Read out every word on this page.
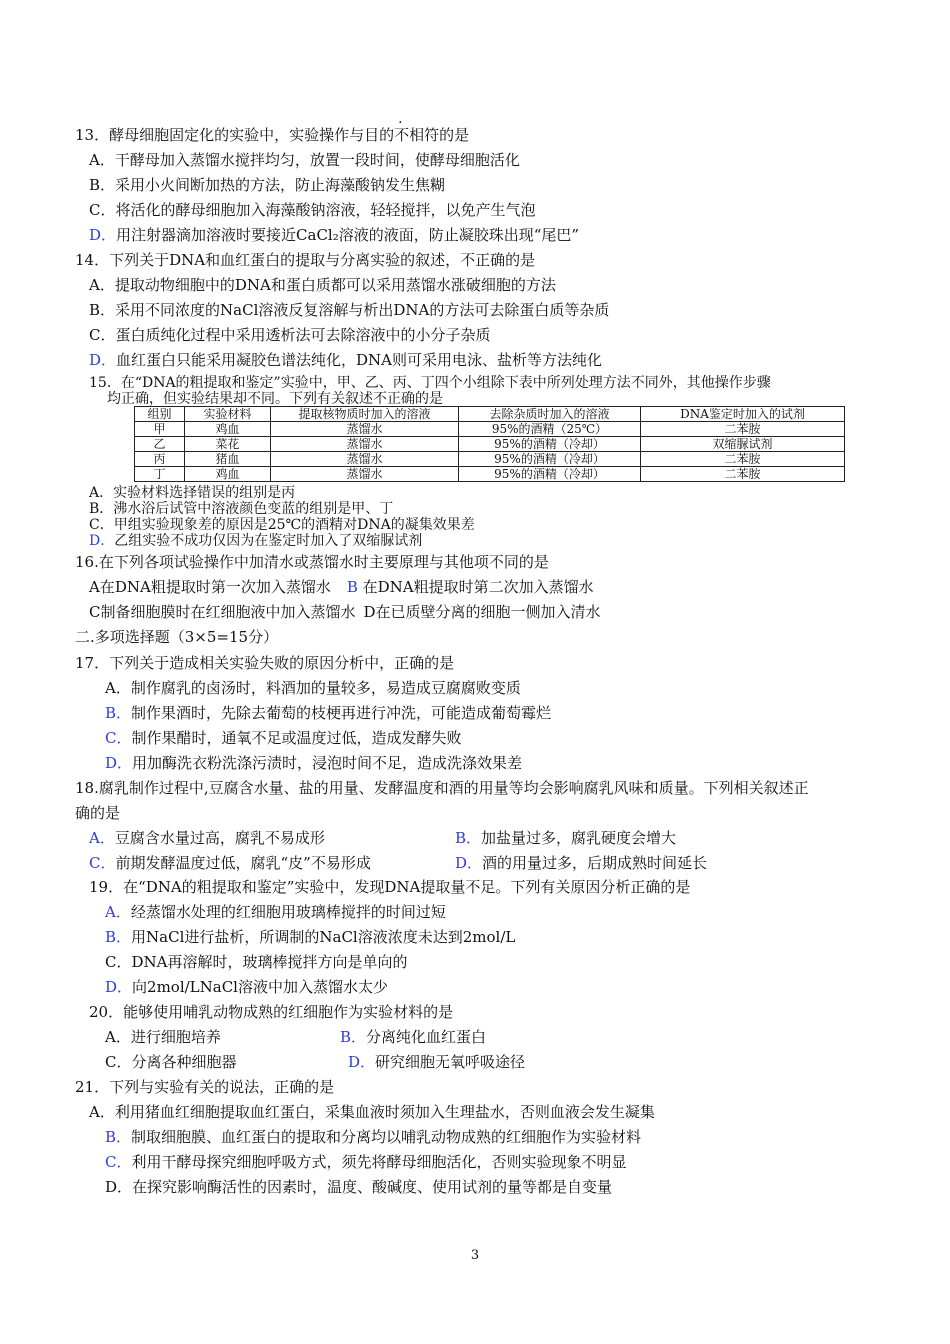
13．酵母细胞固定化的实验中，实验操作与目的不相符的是
A．干酵母加入蒸馏水搅拌均匀，放置一段时间，使酵母细胞活化
B．采用小火间断加热的方法，防止海藻酸钠发生焦糊
C．将活化的酵母细胞加入海藻酸钠溶液，轻轻搅拌，以免产生气泡
D．用注射器滴加溶液时要接近CaCl₂溶液的液面，防止凝胶珠出现“尾巴”
14．下列关于DNA和血红蛋白的提取与分离实验的叙述，不正确的是
A．提取动物细胞中的DNA和蛋白质都可以采用蒸馏水涨破细胞的方法
B．采用不同浓度的NaCl溶液反复溶解与析出DNA的方法可去除蛋白质等杂质
C．蛋白质纯化过程中采用透析法可去除溶液中的小分子杂质
D．血红蛋白只能采用凝胶色谱法纯化，DNA则可采用电泳、盐析等方法纯化
15．在“DNA的粗提取和鉴定”实验中，甲、乙、丙、丁四个小组除下表中所列处理方法不同外，其他操作步骤
均正确，但实验结果却不同。下列有关叙述不正确的是
组别	实验材料	提取核物质时加入的溶液	去除杂质时加入的溶液	DNA鉴定时加入的试剂
甲	鸡血	蒸馏水	95%的酒精（25℃）	二苯胺
乙	菜花	蒸馏水	95%的酒精（冷却）	双缩脲试剂
丙	猪血	蒸馏水	95%的酒精（冷却）	二苯胺
丁	鸡血	蒸馏水	95%的酒精（冷却）	二苯胺
A．实验材料选择错误的组别是丙
B．沸水浴后试管中溶液颜色变蓝的组别是甲、丁
C．甲组实验现象差的原因是25℃的酒精对DNA的凝集效果差
D．乙组实验不成功仅因为在鉴定时加入了双缩脲试剂
16.在下列各项试验操作中加清水或蒸馏水时主要原理与其他项不同的是
A在DNA粗提取时第一次加入蒸馏水 B 在DNA粗提取时第二次加入蒸馏水
C制备细胞膜时在红细胞液中加入蒸馏水 D在已质壁分离的细胞一侧加入清水
二.多项选择题（3×5=15分）
17．下列关于造成相关实验失败的原因分析中，正确的是
A．制作腐乳的卤汤时，料酒加的量较多，易造成豆腐腐败变质
B．制作果酒时，先除去葡萄的枝梗再进行冲洗，可能造成葡萄霉烂
C．制作果醋时，通氧不足或温度过低，造成发酵失败
D．用加酶洗衣粉洗涤污渍时，浸泡时间不足，造成洗涤效果差
18.腐乳制作过程中,豆腐含水量、盐的用量、发酵温度和酒的用量等均会影响腐乳风味和质量。下列相关叙述正
确的是
A．豆腐含水量过高，腐乳不易成形	B．加盐量过多，腐乳硬度会增大
C．前期发酵温度过低，腐乳“皮”不易形成	D．酒的用量过多，后期成熟时间延长
19．在“DNA的粗提取和鉴定”实验中，发现DNA提取量不足。下列有关原因分析正确的是
A．经蒸馏水处理的红细胞用玻璃棒搅拌的时间过短
B．用NaCl进行盐析，所调制的NaCl溶液浓度未达到2mol/L
C．DNA再溶解时，玻璃棒搅拌方向是单向的
D．向2mol/LNaCl溶液中加入蒸馏水太少
20．能够使用哺乳动物成熟的红细胞作为实验材料的是
A．进行细胞培养	B．分离纯化血红蛋白
C．分离各种细胞器	D．研究细胞无氧呼吸途径
21．下列与实验有关的说法，正确的是
A．利用猪血红细胞提取血红蛋白，采集血液时须加入生理盐水，否则血液会发生凝集
B．制取细胞膜、血红蛋白的提取和分离均以哺乳动物成熟的红细胞作为实验材料
C．利用干酵母探究细胞呼吸方式，须先将酵母细胞活化，否则实验现象不明显
D．在探究影响酶活性的因素时，温度、酸碱度、使用试剂的量等都是自变量
3
